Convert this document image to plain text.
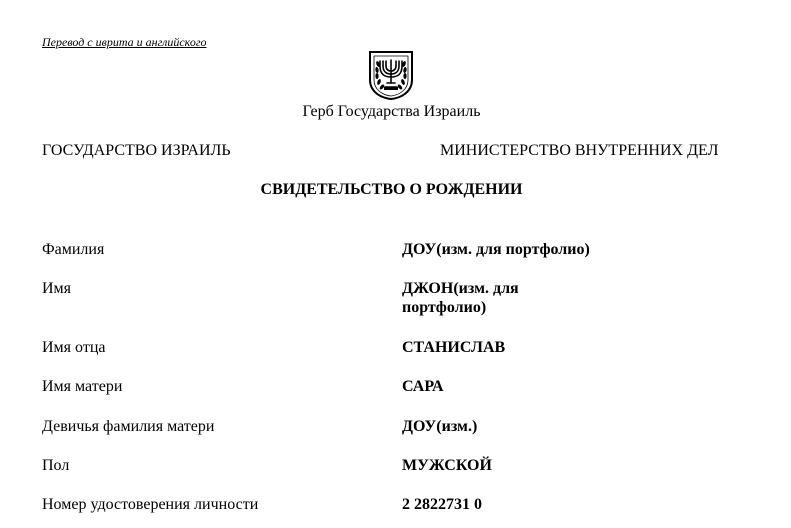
Перевод с иврита и английского
Герб Государства Израиль
ГОСУДАРСТВО ИЗРАИЛЬ	МИНИСТЕРСТВО ВНУТРЕННИХ ДЕЛ
СВИДЕТЕЛЬСТВО О РОЖДЕНИИ
Фамилия	ДОУ(изм. для портфолио)
Имя	ДЖОН(изм. для портфолио)
Имя отца	СТАНИСЛАВ
Имя матери	САРА
Девичья фамилия матери	ДОУ(изм.)
Пол	МУЖСКОЙ
Номер удостоверения личности	2 2822731 0
